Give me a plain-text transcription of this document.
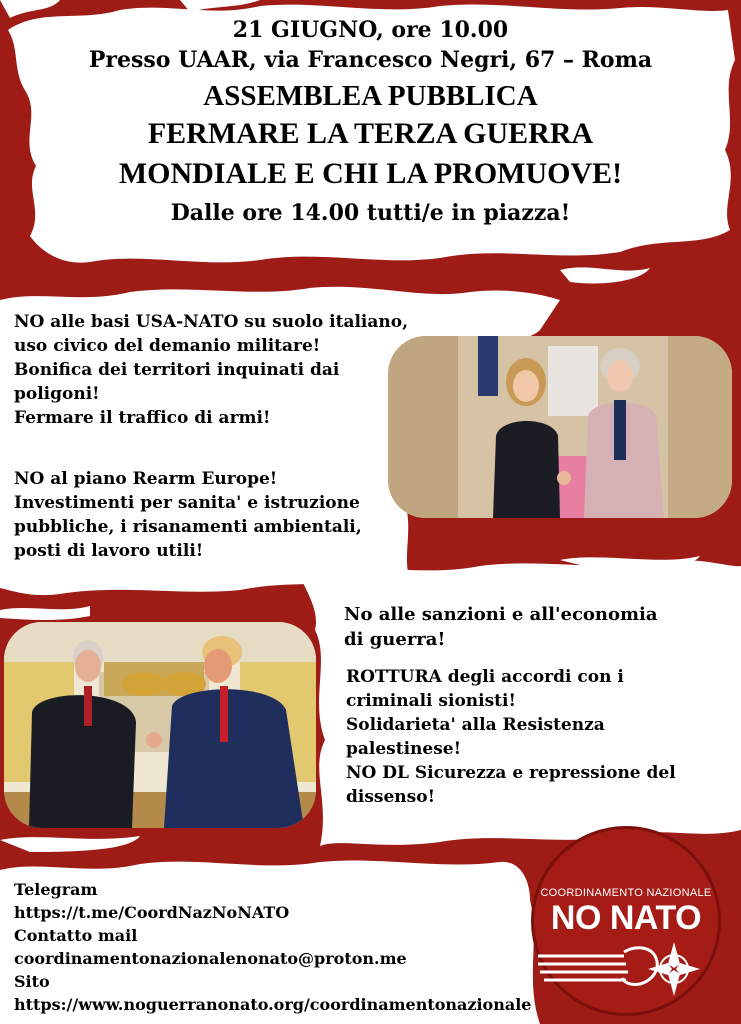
21 GIUGNO, ore 10.00
Presso UAAR, via Francesco Negri, 67 – Roma
ASSEMBLEA PUBBLICA
FERMARE LA TERZA GUERRA
MONDIALE E CHI LA PROMUOVE!
Dalle ore 14.00 tutti/e in piazza!
NO alle basi USA-NATO su suolo italiano,
uso civico del demanio militare!
Bonifica dei territori inquinati dai
poligoni!
Fermare il traffico di armi!
NO al piano Rearm Europe!
Investimenti per sanita' e istruzione
pubbliche, i risanamenti ambientali,
posti di lavoro utili!
No alle sanzioni e all'economia
di guerra!
ROTTURA degli accordi con i
criminali sionisti!
Solidarieta' alla Resistenza
palestinese!
NO DL Sicurezza e repressione del
dissenso!
Telegram
https://t.me/CoordNazNoNATO
Contatto mail
coordinamentonazionalenonato@proton.me
Sito
https://www.noguerranonato.org/coordinamentonazionale
COORDINAMENTO NAZIONALE
NO NATO
